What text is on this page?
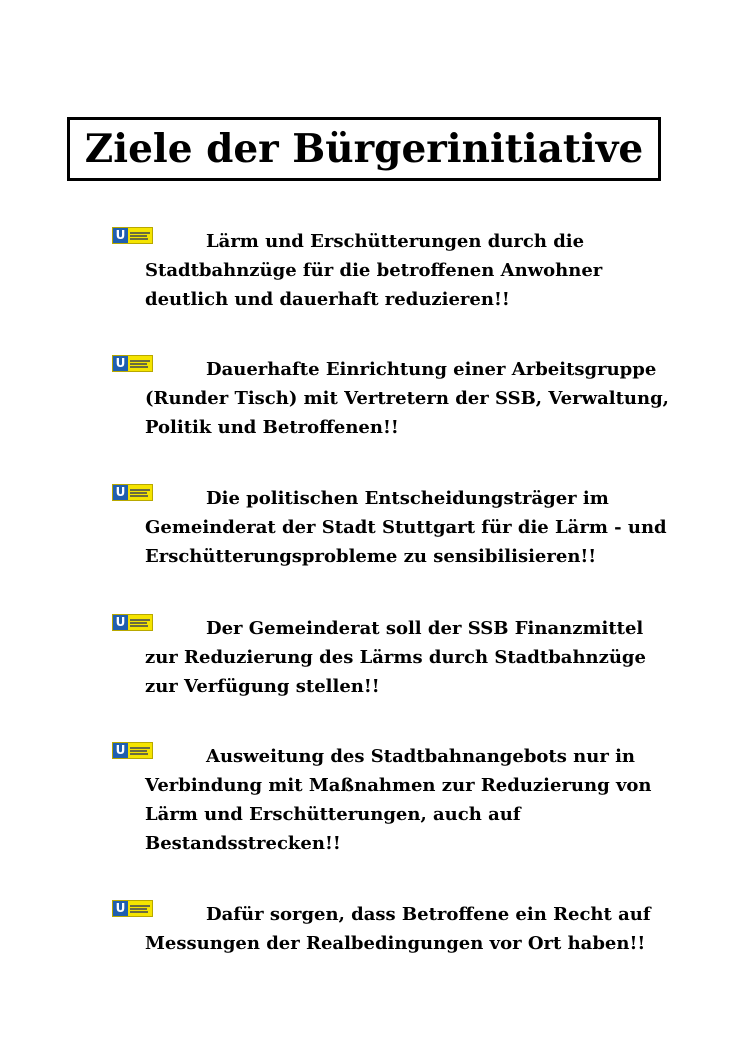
Ziele der Bürgerinitiative
U	Lärm und Erschütterungen durch die Stadtbahnzüge für die betroffenen Anwohner deutlich und dauerhaft reduzieren!!

U	Dauerhafte Einrichtung einer Arbeitsgruppe (Runder Tisch) mit Vertretern der SSB, Verwaltung, Politik und Betroffenen!!

U	Die politischen Entscheidungsträger im Gemeinderat der Stadt Stuttgart für die Lärm - und Erschütterungsprobleme zu sensibilisieren!!

U	Der Gemeinderat soll der SSB Finanzmittel zur Reduzierung des Lärms durch Stadtbahnzüge zur Verfügung stellen!!

U	Ausweitung des Stadtbahnangebots nur in Verbindung mit Maßnahmen zur Reduzierung von Lärm und Erschütterungen, auch auf Bestandsstrecken!!

U	Dafür sorgen, dass Betroffene ein Recht auf Messungen der Realbedingungen vor Ort haben!!
